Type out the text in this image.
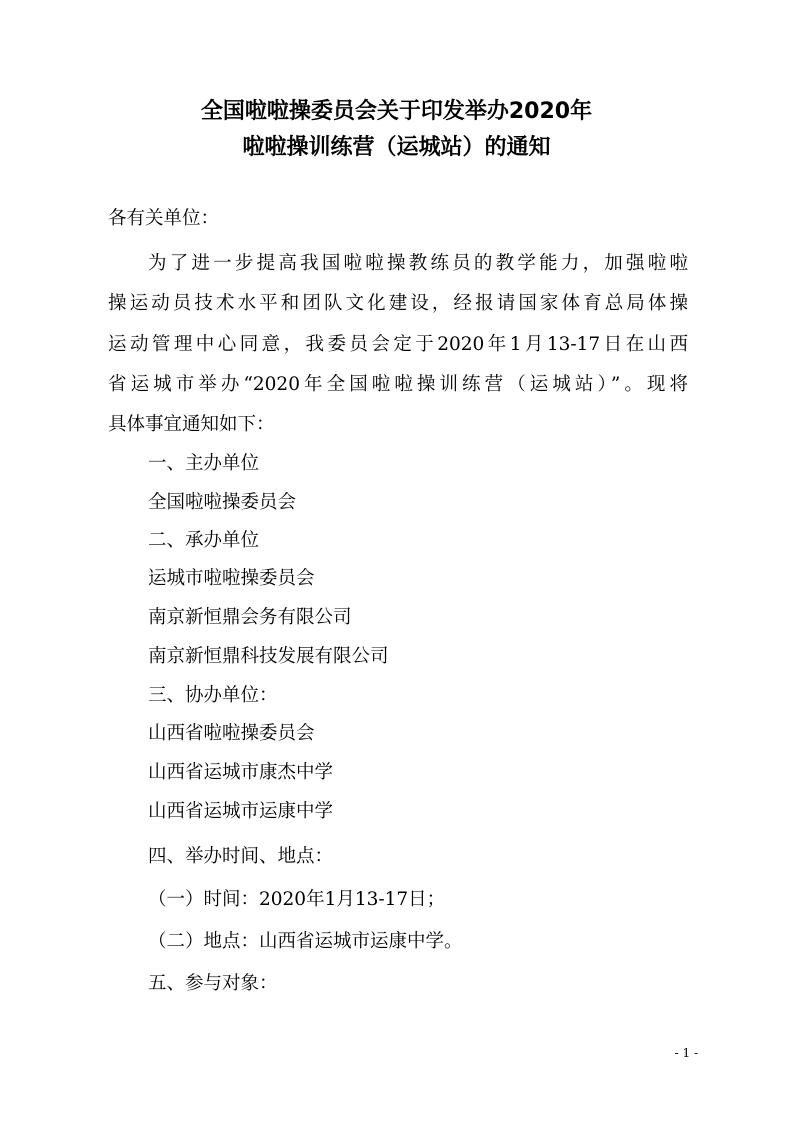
全国啦啦操委员会关于印发举办2020年
啦啦操训练营（运城站）的通知
各有关单位：
为了进一步提高我国啦啦操教练员的教学能力，加强啦啦
操运动员技术水平和团队文化建设，经报请国家体育总局体操
运动管理中心同意，我委员会定于2020年1月13-17日在山西
省运城市举办“2020年全国啦啦操训练营（运城站）”。现将
具体事宜通知如下：
一、主办单位
全国啦啦操委员会
二、承办单位
运城市啦啦操委员会
南京新恒鼎会务有限公司
南京新恒鼎科技发展有限公司
三、协办单位：
山西省啦啦操委员会
山西省运城市康杰中学
山西省运城市运康中学
四、举办时间、地点：
（一）时间：2020年1月13-17日；
（二）地点：山西省运城市运康中学。
五、参与对象：
- 1 -
